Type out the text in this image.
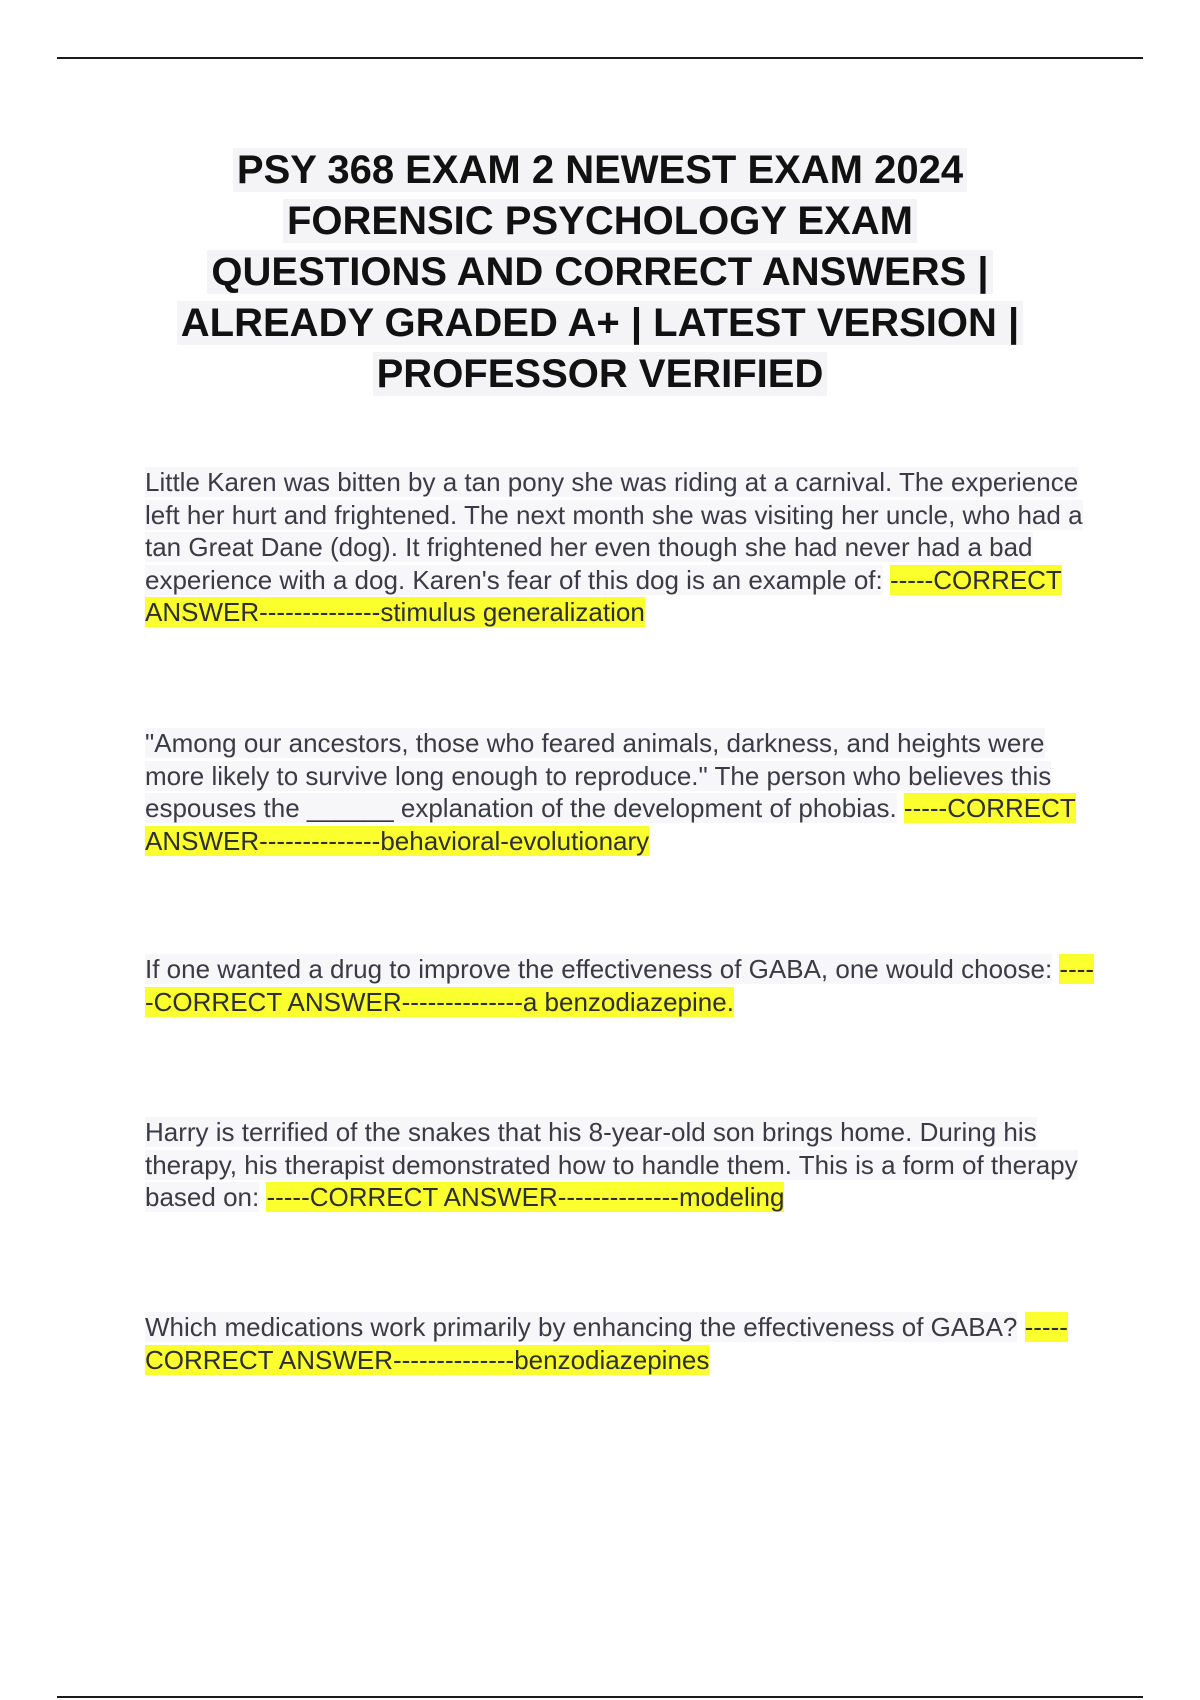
PSY 368 EXAM 2 NEWEST EXAM 2024
FORENSIC PSYCHOLOGY EXAM
QUESTIONS AND CORRECT ANSWERS |
ALREADY GRADED A+ | LATEST VERSION |
PROFESSOR VERIFIED

Little Karen was bitten by a tan pony she was riding at a carnival. The experience left her hurt and frightened. The next month she was visiting her uncle, who had a tan Great Dane (dog). It frightened her even though she had never had a bad experience with a dog. Karen's fear of this dog is an example of: -----CORRECT ANSWER--------------stimulus generalization

"Among our ancestors, those who feared animals, darkness, and heights were more likely to survive long enough to reproduce." The person who believes this espouses the ______ explanation of the development of phobias. -----CORRECT ANSWER--------------behavioral-evolutionary

If one wanted a drug to improve the effectiveness of GABA, one would choose: -----CORRECT ANSWER--------------a benzodiazepine.

Harry is terrified of the snakes that his 8-year-old son brings home. During his therapy, his therapist demonstrated how to handle them. This is a form of therapy based on: -----CORRECT ANSWER--------------modeling

Which medications work primarily by enhancing the effectiveness of GABA? -----CORRECT ANSWER--------------benzodiazepines
